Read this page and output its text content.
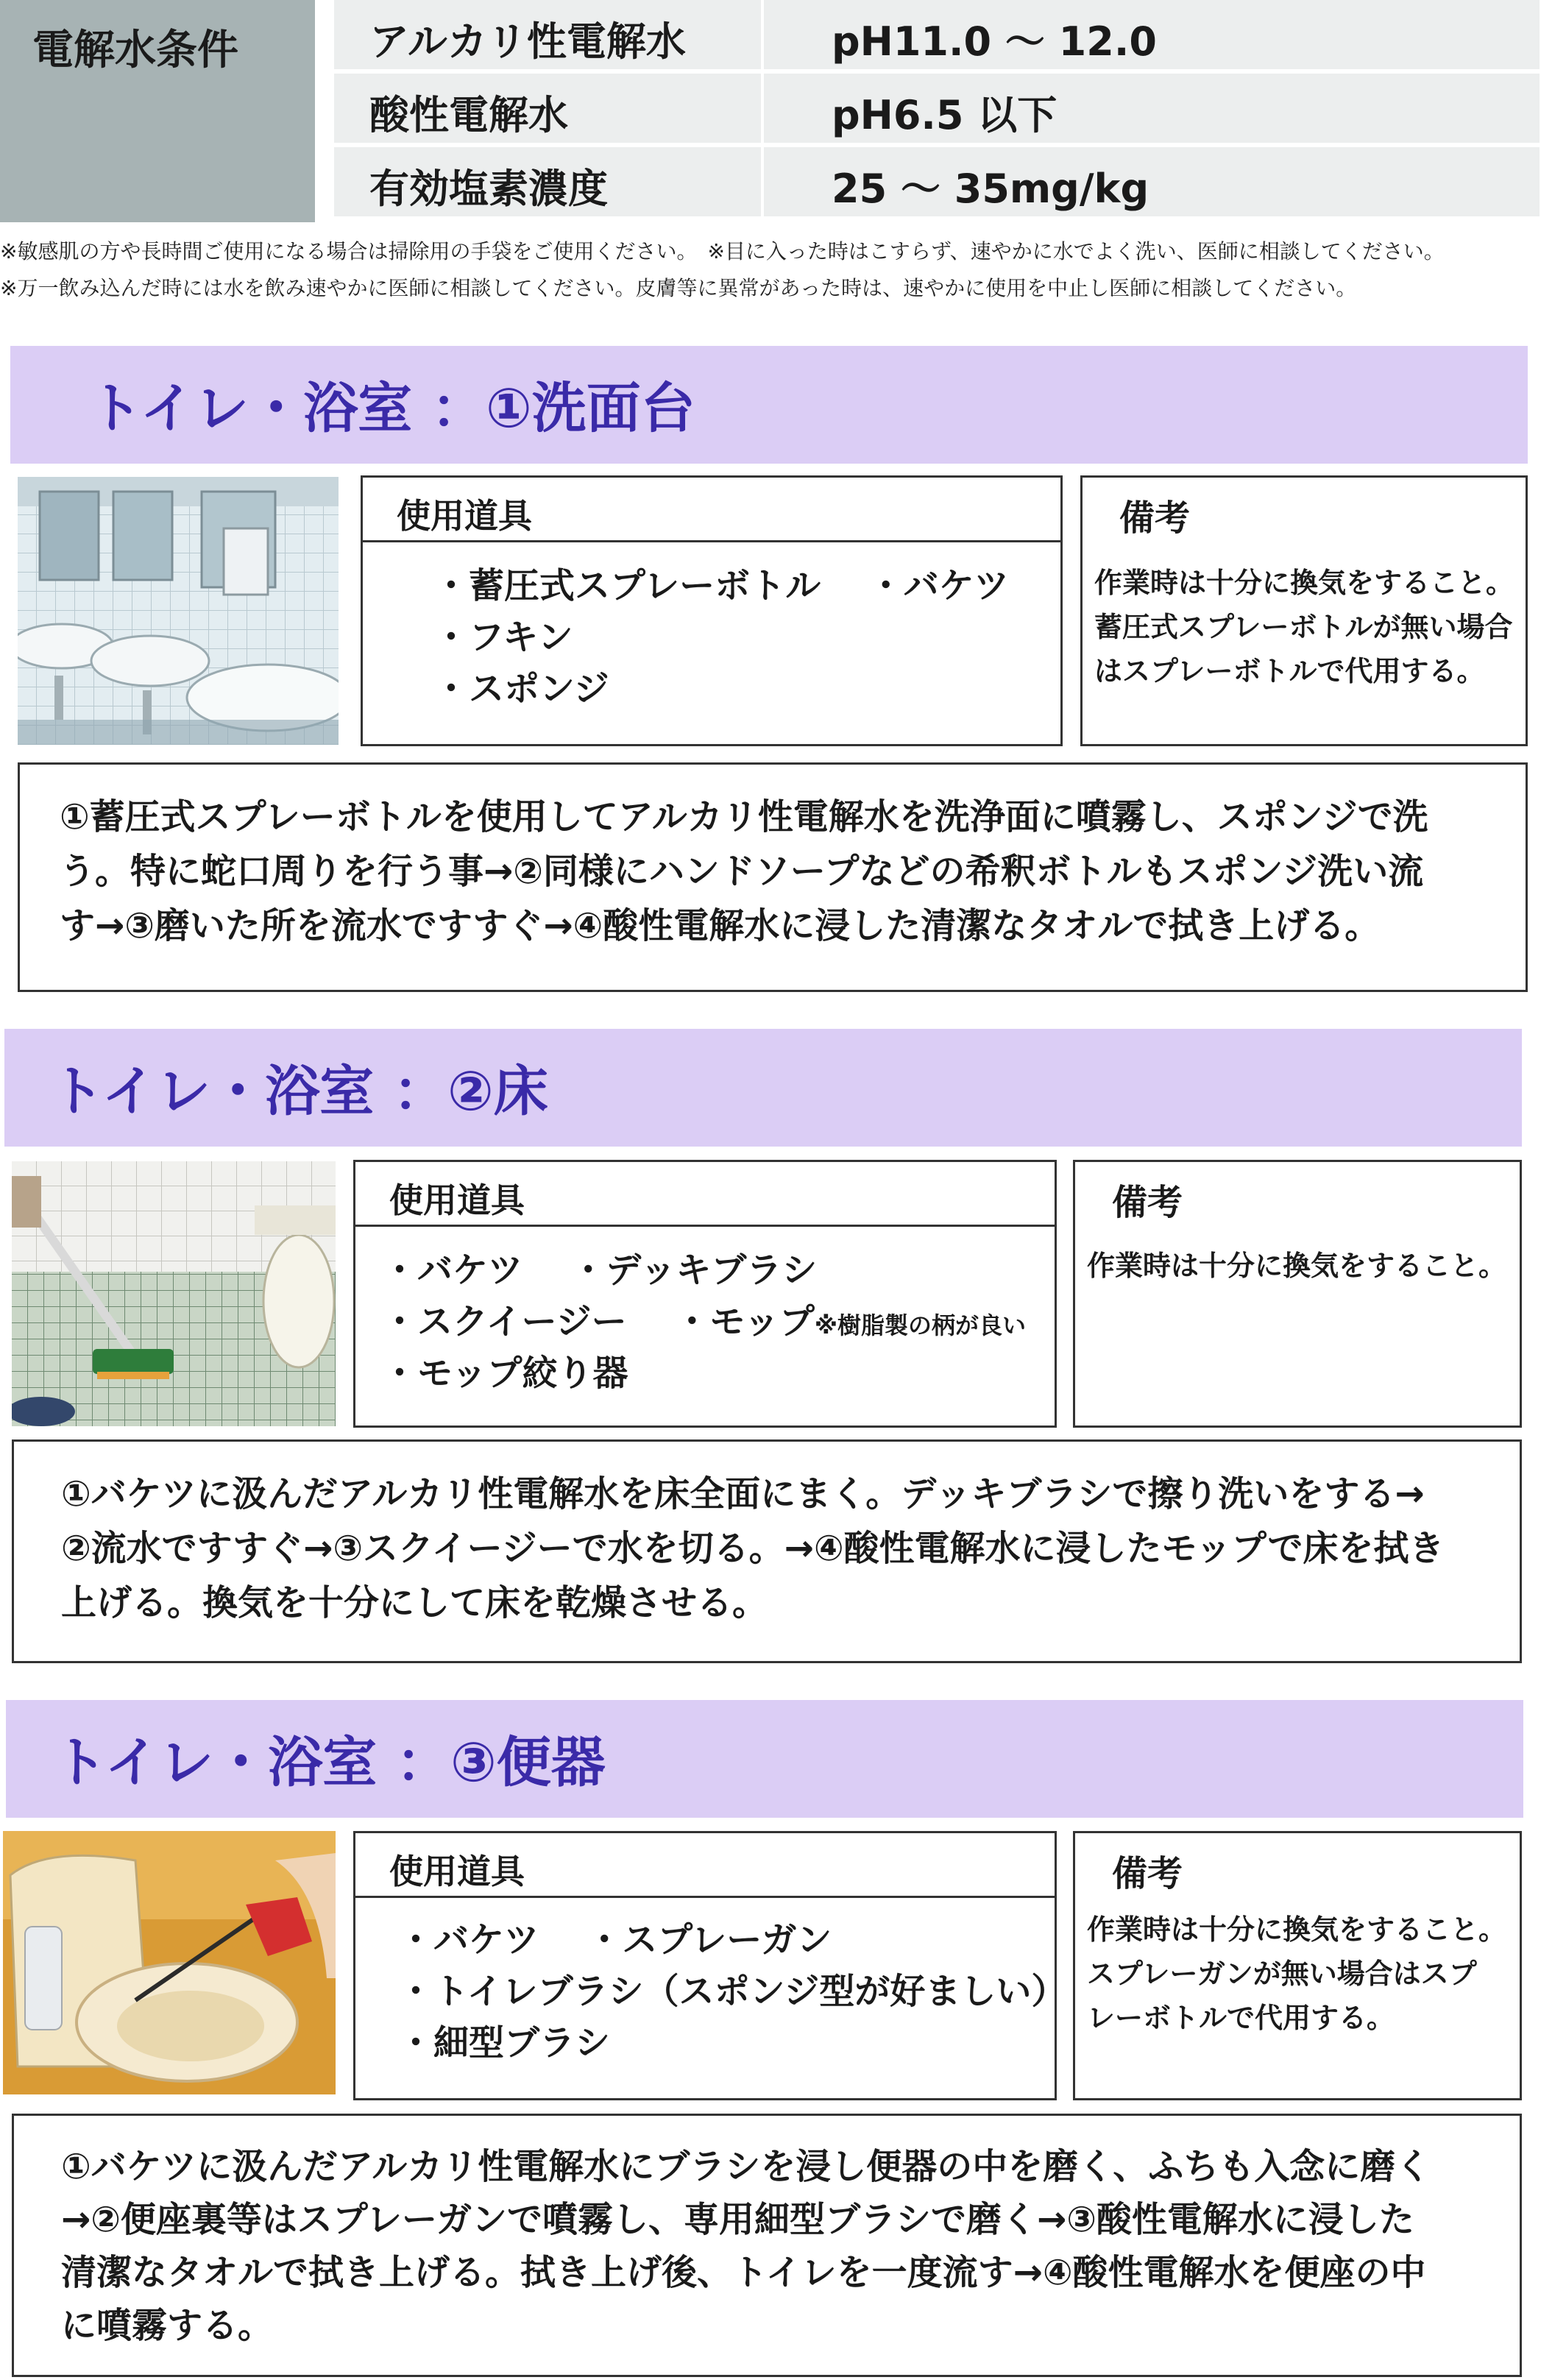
電解水条件	アルカリ性電解水	pH11.0 〜 12.0
酸性電解水	pH6.5 以下
有効塩素濃度	25 〜 35mg/kg
※敏感肌の方や長時間ご使用になる場合は掃除用の手袋をご使用ください。　※目に入った時はこすらず、速やかに水でよく洗い、医師に相談してください。
※万一飲み込んだ時には水を飲み速やかに医師に相談してください。皮膚等に異常があった時は、速やかに使用を中止し医師に相談してください。
トイレ・浴室 ：①洗面台
使用道具
・蓄圧式スプレーボトル　 ・バケツ
・フキン
・スポンジ
備考
作業時は十分に換気をすること。
蓄圧式スプレーボトルが無い場合
はスプレーボトルで代用する。
①蓄圧式スプレーボトルを使用してアルカリ性電解水を洗浄面に噴霧し、スポンジで洗
う。特に蛇口周りを行う事→②同様にハンドソープなどの希釈ボトルもスポンジ洗い流
す→③磨いた所を流水ですすぐ→④酸性電解水に浸した清潔なタオルで拭き上げる。
トイレ・浴室 ：②床
使用道具
・バケツ　 ・デッキブラシ
・スクイージー　 ・モップ※樹脂製の柄が良い
・モップ絞り器
備考
作業時は十分に換気をすること。
①バケツに汲んだアルカリ性電解水を床全面にまく。デッキブラシで擦り洗いをする→
②流水ですすぐ→③スクイージーで水を切る。→④酸性電解水に浸したモップで床を拭き
上げる。換気を十分にして床を乾燥させる。
トイレ・浴室 ：③便器
使用道具
・バケツ　 ・スプレーガン
・トイレブラシ（スポンジ型が好ましい）
・細型ブラシ
備考
作業時は十分に換気をすること。
スプレーガンが無い場合はスプ
レーボトルで代用する。
①バケツに汲んだアルカリ性電解水にブラシを浸し便器の中を磨く、ふちも入念に磨く
→②便座裏等はスプレーガンで噴霧し、専用細型ブラシで磨く→③酸性電解水に浸した
清潔なタオルで拭き上げる。拭き上げ後、トイレを一度流す→④酸性電解水を便座の中
に噴霧する。
